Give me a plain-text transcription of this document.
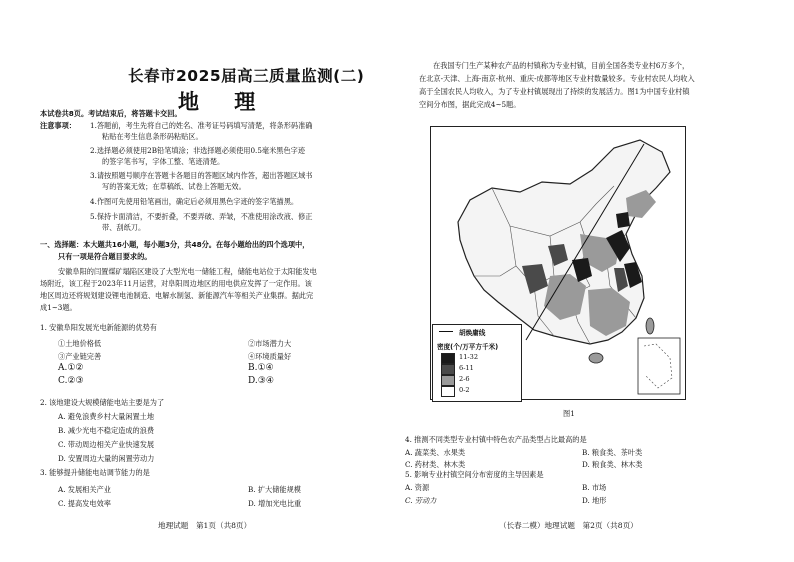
长春市2025届高三质量监测(二)
地 理
本试卷共8页。考试结束后，将答题卡交回。
注意事项： 1.答题前，考生先将自己的姓名、准考证号码填写清楚，将条形码准确
粘贴在考生信息条形码粘贴区。
2.选择题必须使用2B铅笔填涂；非选择题必须使用0.5毫米黑色字迹
的签字笔书写，字体工整、笔迹清楚。
3.请按照题号顺序在答题卡各题目的答题区域内作答，超出答题区域书
写的答案无效；在草稿纸、试卷上答题无效。
4.作图可先使用铅笔画出，确定后必须用黑色字迹的签字笔描黑。
5.保持卡面清洁，不要折叠，不要弄破、弄皱，不准使用涂改液、修正
带、刮纸刀。
一、选择题：本大题共16小题，每小题3分，共48分。在每小题给出的四个选项中，
只有一项是符合题目要求的。
安徽阜阳的闫置煤矿塌陷区建设了大型光电一储能工程，储能电站位于太阳能发电
场附近，该工程于2023年11月运营，对阜阳周边地区的用电供应发挥了一定作用。该
地区周边还将规划建设锂电池制造、电解水制氢、新能源汽车等相关产业集群。据此完
成1~3题。
1. 安徽阜阳发展光电新能源的优势有
①土地价格低	②市场潜力大
③产业链完善	④环境质量好
A.①②	B.①④
C.②③	D.③④
2. 该地建设大规模储能电站主要是为了
A. 避免浪费乡村大量闲置土地
B. 减少光电不稳定造成的浪费
C. 带动周边相关产业快速发展
D. 安置周边大量的闲置劳动力
3. 能够提升储能电站调节能力的是
A. 发展相关产业	B. 扩大储能规模
C. 提高发电效率	D. 增加光电比重
地理试题　第1页（共8页）
在我国专门生产某种农产品的村镇称为专业村镇，目前全国各类专业村6万多个，
在北京-天津、上海-南京-杭州、重庆-成都等地区专业村数量较多。专业村农民人均收入
高于全国农民人均收入，为了专业村镇展现出了持续的发展活力。图1为中国专业村镇
空间分布图，据此完成4~5题。
图1
4. 推测不同类型专业村镇中特色农产品类型占比最高的是
A. 蔬菜类、水果类	B. 粮食类、茶叶类
C. 药材类、林木类	D. 粮食类、林木类
5. 影响专业村镇空间分布密度的主导因素是
A. 资源	B. 市场
C. 劳动力	D. 地形
（长春二模）地理试题　第2页（共8页）
胡焕庸线
密度(个/万平方千米)
11-32
6-11
2-6
0-2
